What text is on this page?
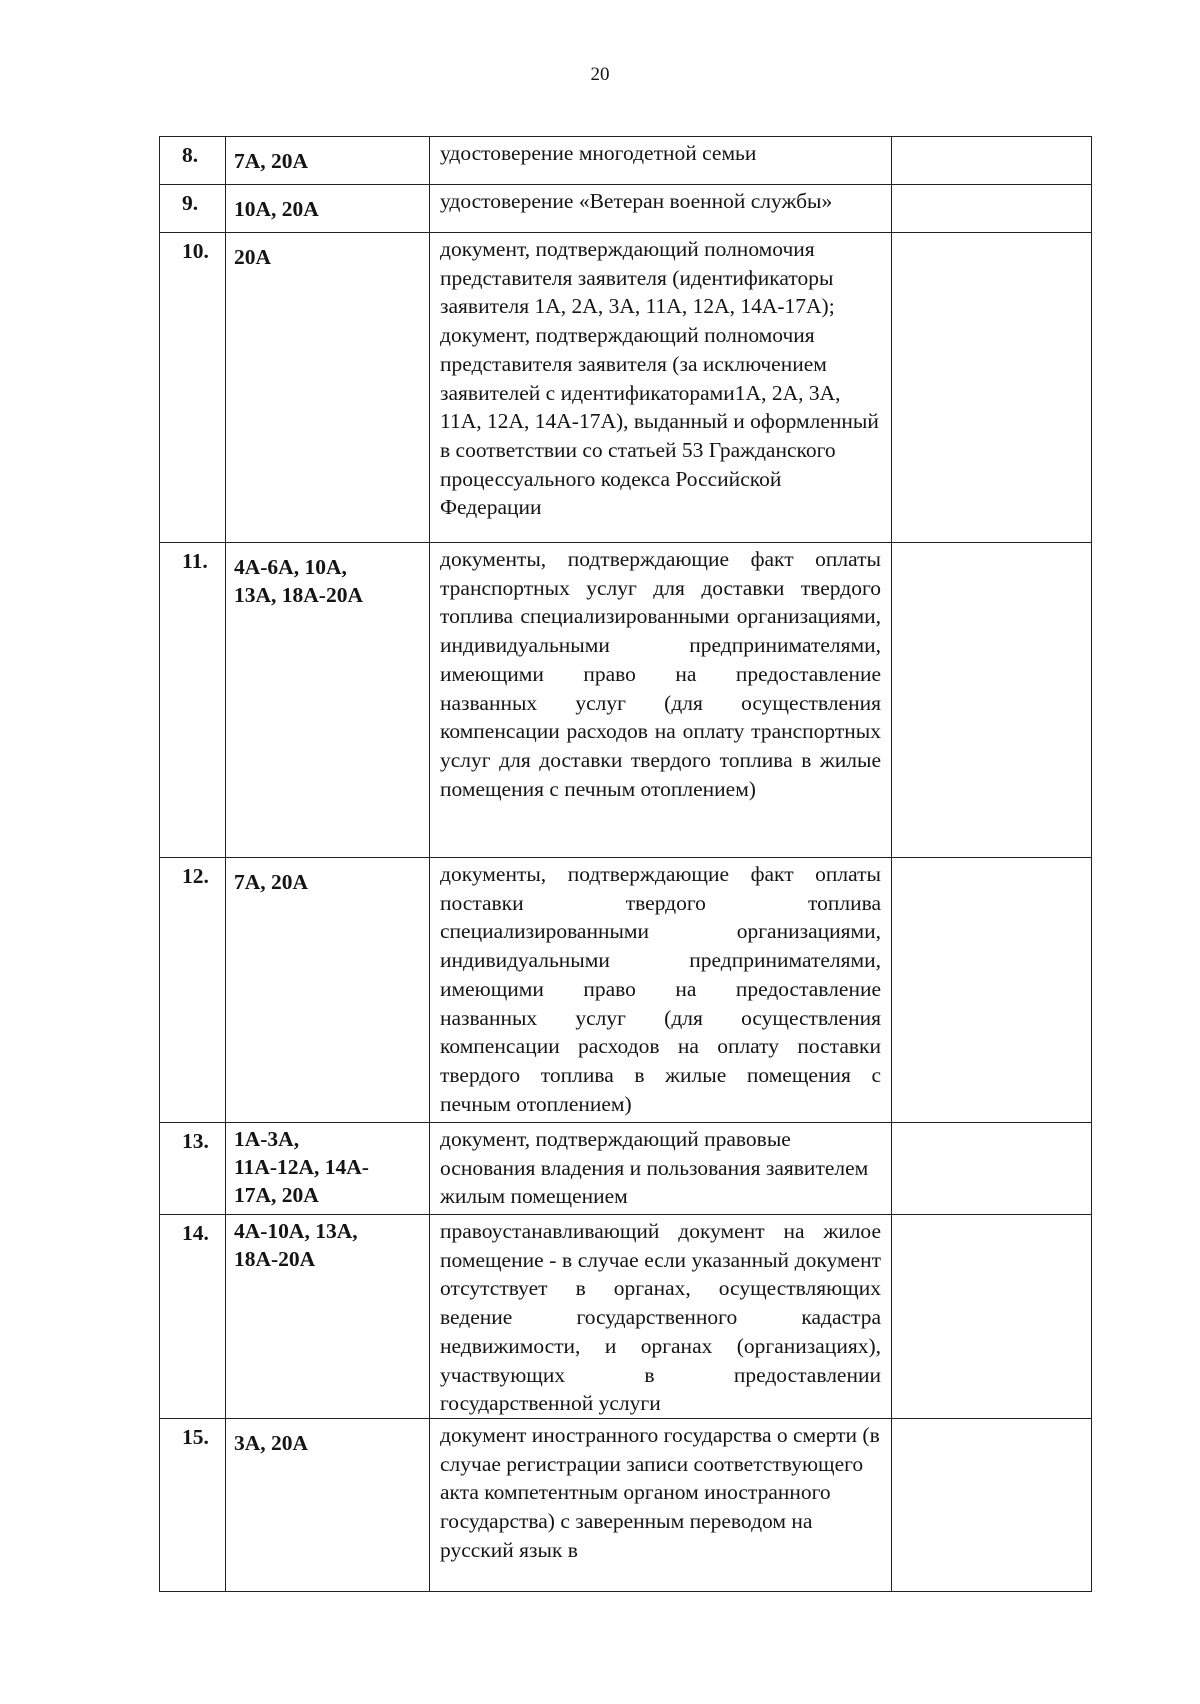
20
8.	7А, 20А	удостоверение многодетной семьи	

9.	10А, 20А	удостоверение «Ветеран военной службы»	

10.	20А	документ, подтверждающий полномочия представителя заявителя (идентификаторы заявителя 1А, 2А, 3А, 11А, 12А, 14А-17А);
документ, подтверждающий полномочия представителя заявителя (за исключением заявителей с идентификаторами1А, 2А, 3А, 11А, 12А, 14А-17А), выданный и оформленный в соответствии со статьей 53 Гражданского процессуального кодекса Российской Федерации	

11.	4А-6А, 10А,
13А, 18А-20А	документы, подтверждающие факт оплаты транспортных услуг для доставки твердого топлива специализированными организациями, индивидуальными предпринимателями, имеющими право на предоставление названных услуг (для осуществления компенсации расходов на оплату транспортных услуг для доставки твердого топлива в жилые помещения с печным отоплением)	

12.	7А, 20А	документы, подтверждающие факт оплаты поставки твердого топлива специализированными организациями, индивидуальными предпринимателями, имеющими право на предоставление названных услуг (для осуществления компенсации расходов на оплату поставки твердого топлива в жилые помещения с печным отоплением)	

13.	1А-3А,
11А-12А, 14А-
17А, 20А	документ, подтверждающий правовые основания владения и пользования заявителем жилым помещением	

14.	4А-10А, 13А,
18А-20А	правоустанавливающий документ на жилое помещение - в случае если указанный документ отсутствует в органах, осуществляющих ведение государственного кадастра недвижимости, и органах (организациях), участвующих в предоставлении государственной услуги	

15.	3А, 20А	документ иностранного государства о смерти (в случае регистрации записи соответствующего акта компетентным органом иностранного государства) с заверенным переводом на русский язык в	
